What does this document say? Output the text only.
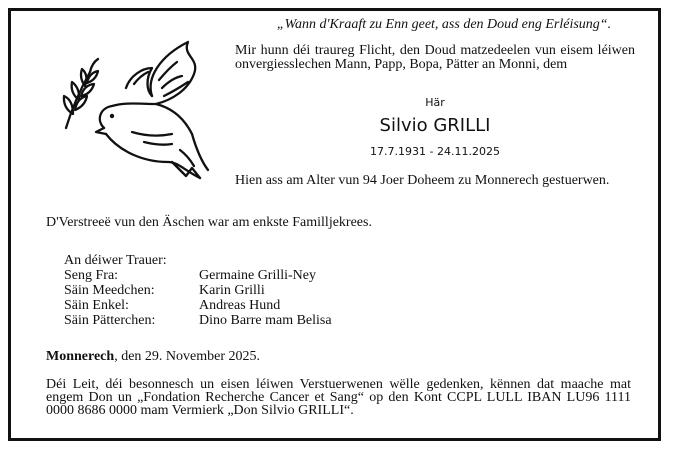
„Wann d'Kraaft zu Enn geet, ass den Doud eng Erléisung“.
Mir hunn déi traureg Flicht, den Doud matzedeelen vun eisem léiwen onvergiesslechen Mann, Papp, Bopa, Pätter an Monni, dem
Här
Silvio GRILLI
17.7.1931 - 24.11.2025
Hien ass am Alter vun 94 Joer Doheem zu Monnerech gestuerwen.
D'Verstreeë vun den Äschen war am enkste Familljekrees.
An déiwer Trauer:
Seng Fra:	Germaine Grilli-Ney
Säin Meedchen:	Karin Grilli
Säin Enkel:	Andreas Hund
Säin Pätterchen:	Dino Barre mam Belisa
Monnerech, den 29. November 2025.
Déi Leit, déi besonnesch un eisen léiwen Verstuerwenen wëlle gedenken, kënnen dat maache mat engem Don un „Fondation Recherche Cancer et Sang“ op den Kont CCPL LULL IBAN LU96 1111 0000 8686 0000 mam Vermierk „Don Silvio GRILLI“.
